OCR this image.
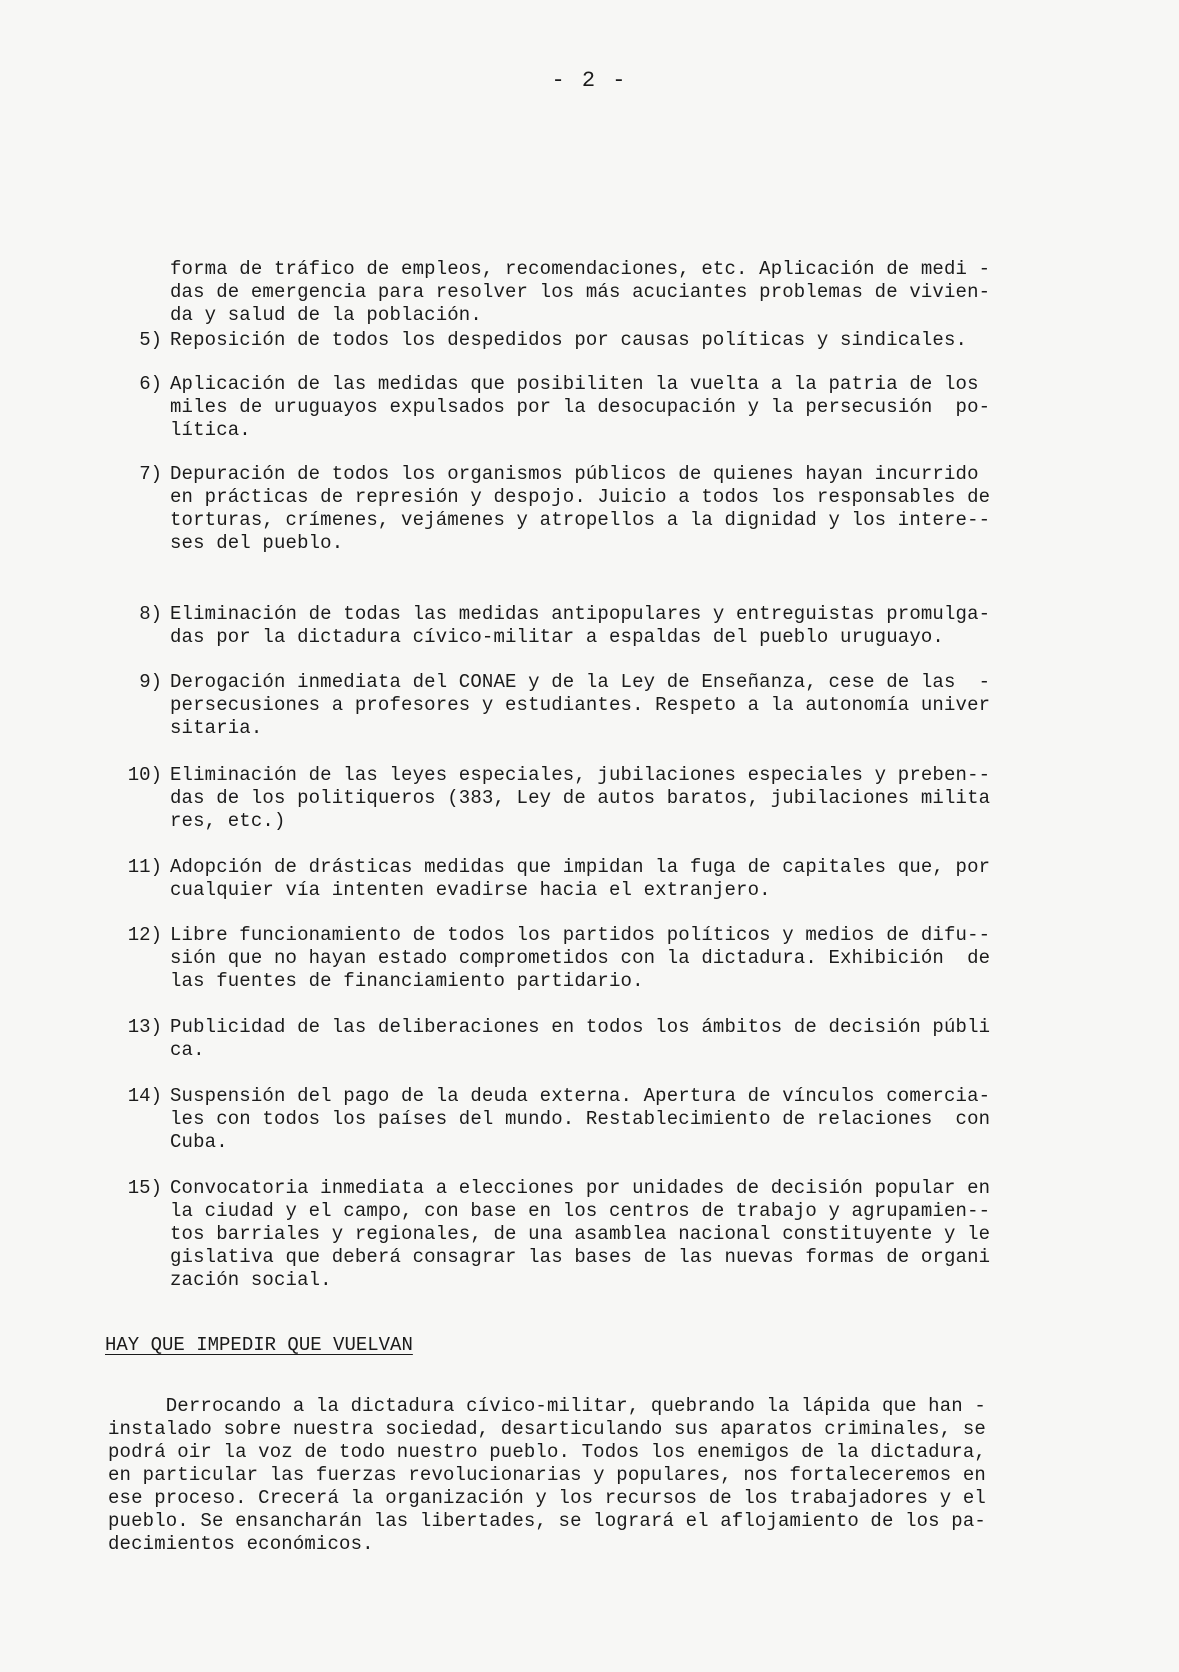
- 2 -
forma de tráfico de empleos, recomendaciones, etc. Aplicación de medi -
das de emergencia para resolver los más acuciantes problemas de vivien-
da y salud de la población.
5) Reposición de todos los despedidos por causas políticas y sindicales.
6) Aplicación de las medidas que posibiliten la vuelta a la patria de los
miles de uruguayos expulsados por la desocupación y la persecusión  po-
lítica.
7) Depuración de todos los organismos públicos de quienes hayan incurrido
en prácticas de represión y despojo. Juicio a todos los responsables de
torturas, crímenes, vejámenes y atropellos a la dignidad y los intere--
ses del pueblo.
8) Eliminación de todas las medidas antipopulares y entreguistas promulga-
das por la dictadura cívico-militar a espaldas del pueblo uruguayo.
9) Derogación inmediata del CONAE y de la Ley de Enseñanza, cese de las  -
persecusiones a profesores y estudiantes. Respeto a la autonomía univer
sitaria.
10) Eliminación de las leyes especiales, jubilaciones especiales y preben--
das de los politiqueros (383, Ley de autos baratos, jubilaciones milita
res, etc.)
11) Adopción de drásticas medidas que impidan la fuga de capitales que, por
cualquier vía intenten evadirse hacia el extranjero.
12) Libre funcionamiento de todos los partidos políticos y medios de difu--
sión que no hayan estado comprometidos con la dictadura. Exhibición  de
las fuentes de financiamiento partidario.
13) Publicidad de las deliberaciones en todos los ámbitos de decisión públi
ca.
14) Suspensión del pago de la deuda externa. Apertura de vínculos comercia-
les con todos los países del mundo. Restablecimiento de relaciones  con
Cuba.
15) Convocatoria inmediata a elecciones por unidades de decisión popular en
la ciudad y el campo, con base en los centros de trabajo y agrupamien--
tos barriales y regionales, de una asamblea nacional constituyente y le
gislativa que deberá consagrar las bases de las nuevas formas de organi
zación social.
HAY QUE IMPEDIR QUE VUELVAN
Derrocando a la dictadura cívico-militar, quebrando la lápida que han -
instalado sobre nuestra sociedad, desarticulando sus aparatos criminales, se
podrá oir la voz de todo nuestro pueblo. Todos los enemigos de la dictadura,
en particular las fuerzas revolucionarias y populares, nos fortaleceremos en
ese proceso. Crecerá la organización y los recursos de los trabajadores y el
pueblo. Se ensancharán las libertades, se logrará el aflojamiento de los pa-
decimientos económicos.
